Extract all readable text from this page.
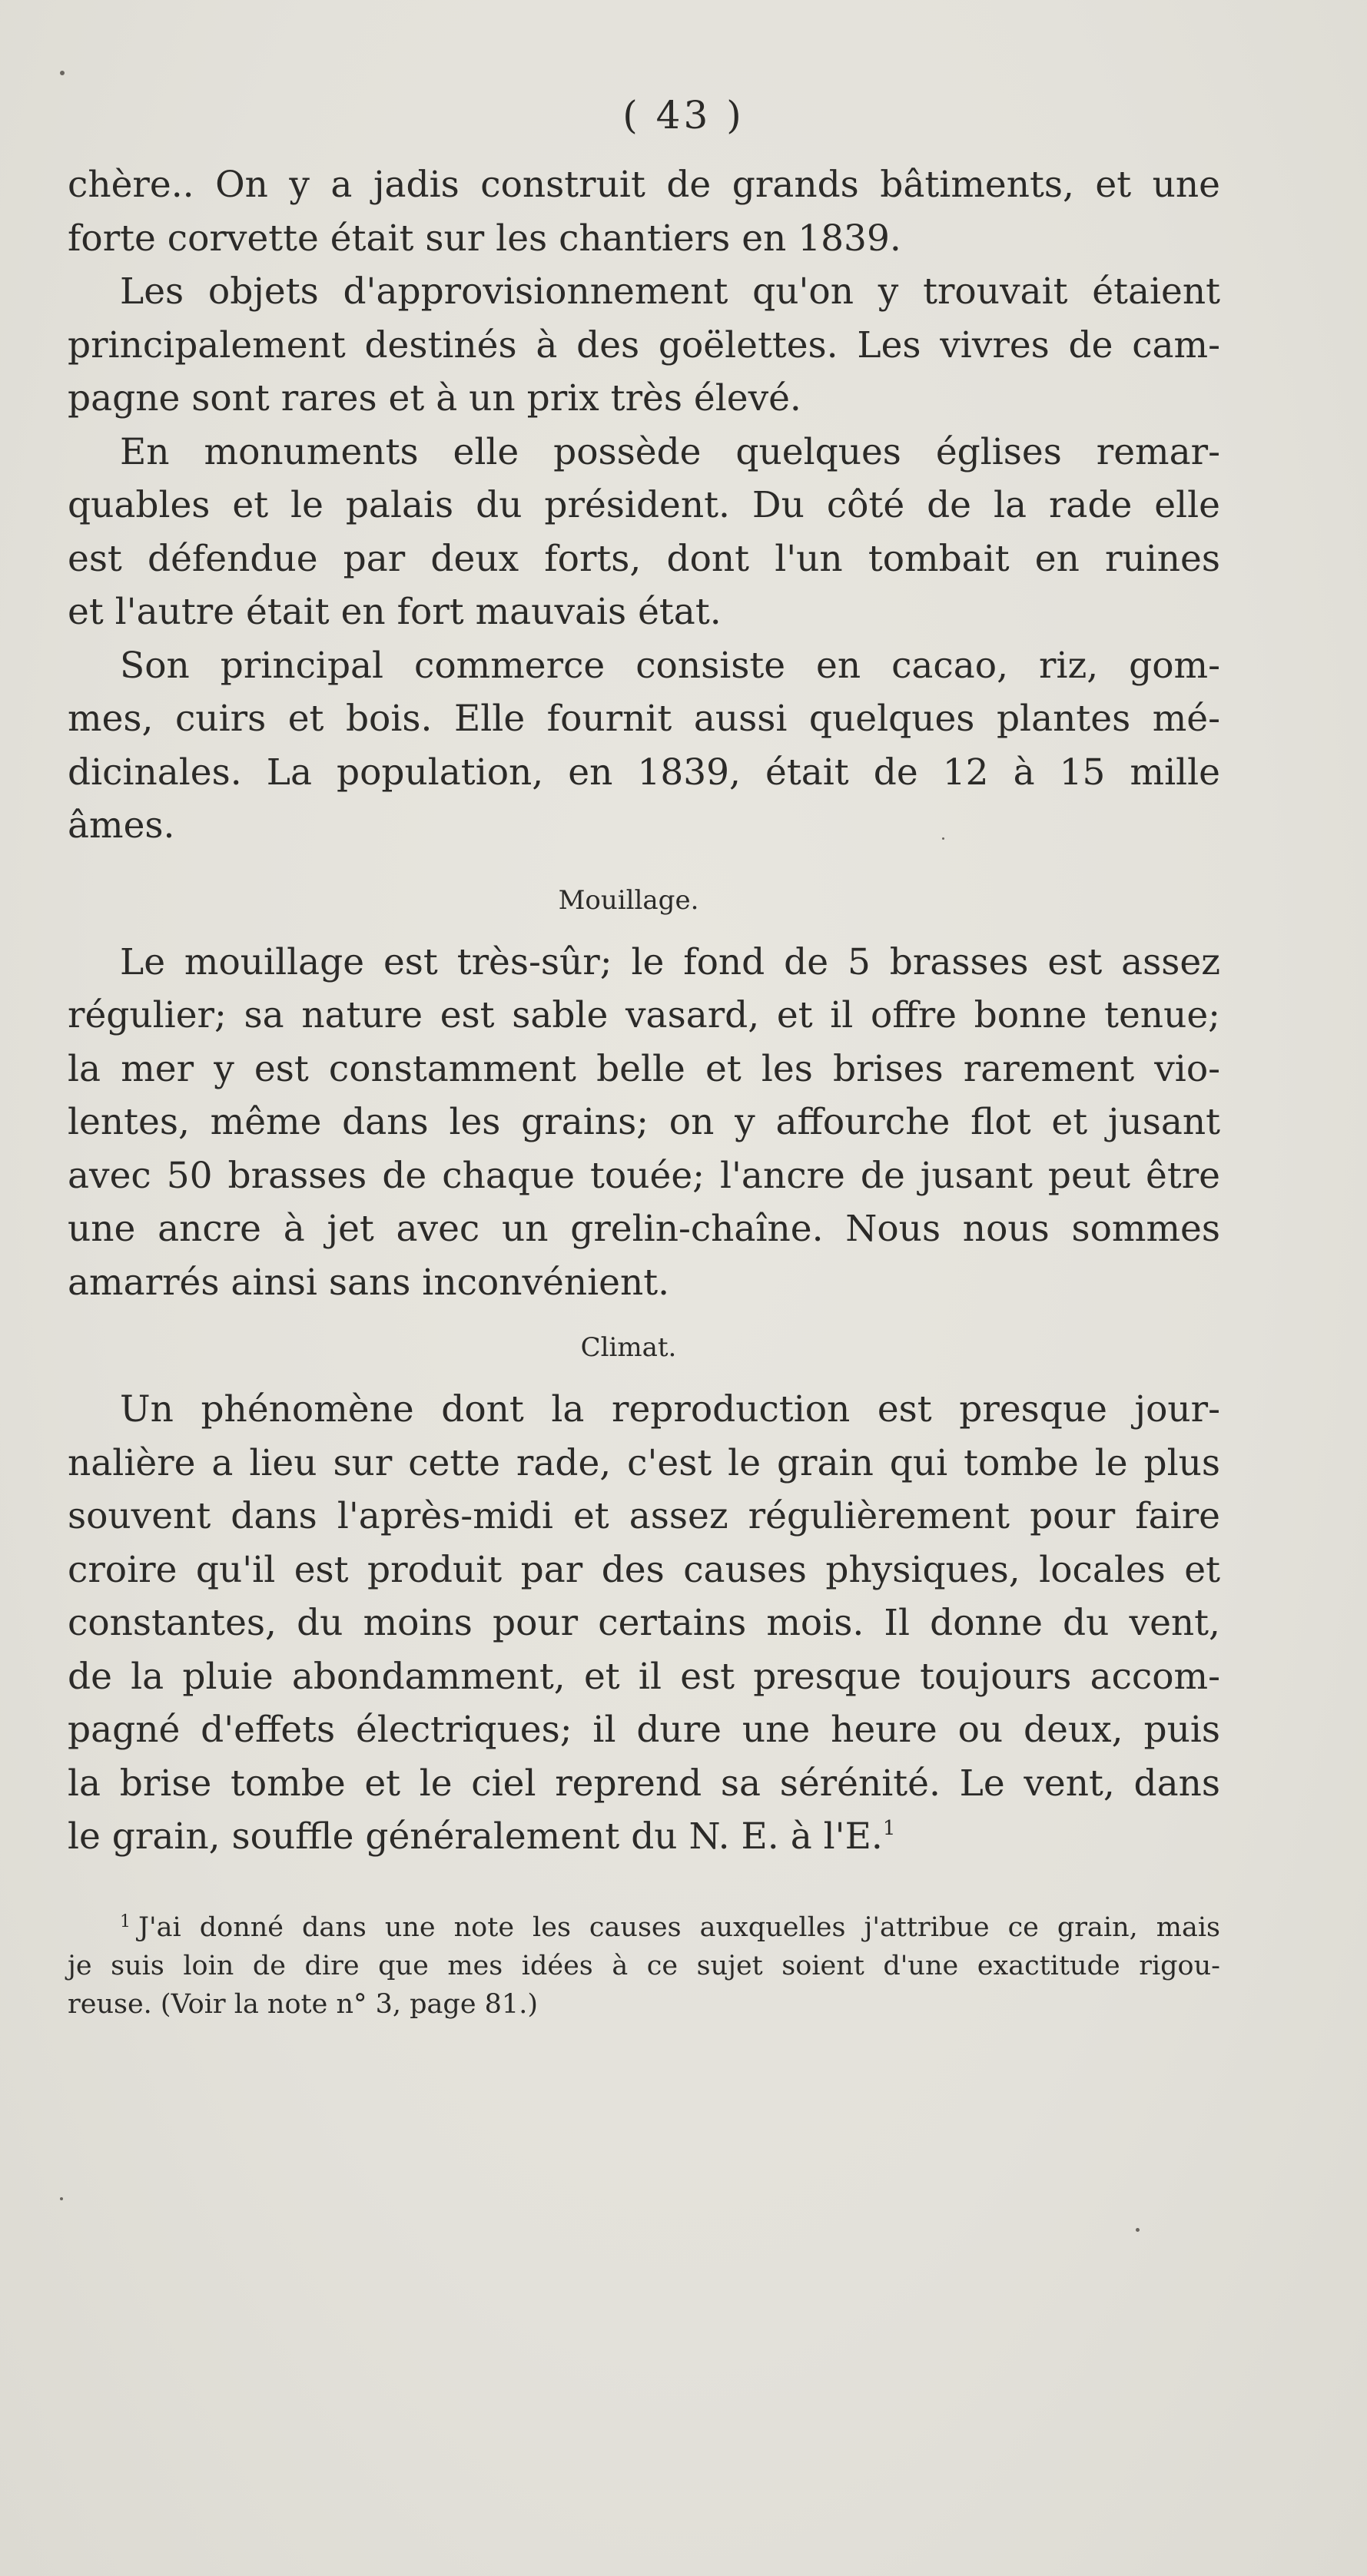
( 43 )
chère.. On y a jadis construit de grands bâtiments, et une
forte corvette était sur les chantiers en 1839.
Les objets d'approvisionnement qu'on y trouvait étaient
principalement destinés à des goëlettes. Les vivres de cam-
pagne sont rares et à un prix très élevé.
En monuments elle possède quelques églises remar-
quables et le palais du président. Du côté de la rade elle
est défendue par deux forts, dont l'un tombait en ruines
et l'autre était en fort mauvais état.
Son principal commerce consiste en cacao, riz, gom-
mes, cuirs et bois. Elle fournit aussi quelques plantes mé-
dicinales. La population, en 1839, était de 12 à 15 mille
âmes.
Mouillage.
Le mouillage est très-sûr; le fond de 5 brasses est assez
régulier; sa nature est sable vasard, et il offre bonne tenue;
la mer y est constamment belle et les brises rarement vio-
lentes, même dans les grains; on y affourche flot et jusant
avec 50 brasses de chaque touée; l'ancre de jusant peut être
une ancre à jet avec un grelin-chaîne. Nous nous sommes
amarrés ainsi sans inconvénient.
Climat.
Un phénomène dont la reproduction est presque jour-
nalière a lieu sur cette rade, c'est le grain qui tombe le plus
souvent dans l'après-midi et assez régulièrement pour faire
croire qu'il est produit par des causes physiques, locales et
constantes, du moins pour certains mois. Il donne du vent,
de la pluie abondamment, et il est presque toujours accom-
pagné d'effets électriques; il dure une heure ou deux, puis
la brise tombe et le ciel reprend sa sérénité. Le vent, dans
le grain, souffle généralement du N. E. à l'E.$^1$
$^1$ J'ai donné dans une note les causes auxquelles j'attribue ce grain, mais
je suis loin de dire que mes idées à ce sujet soient d'une exactitude rigou-
reuse. (Voir la note n° 3, page 81.)
